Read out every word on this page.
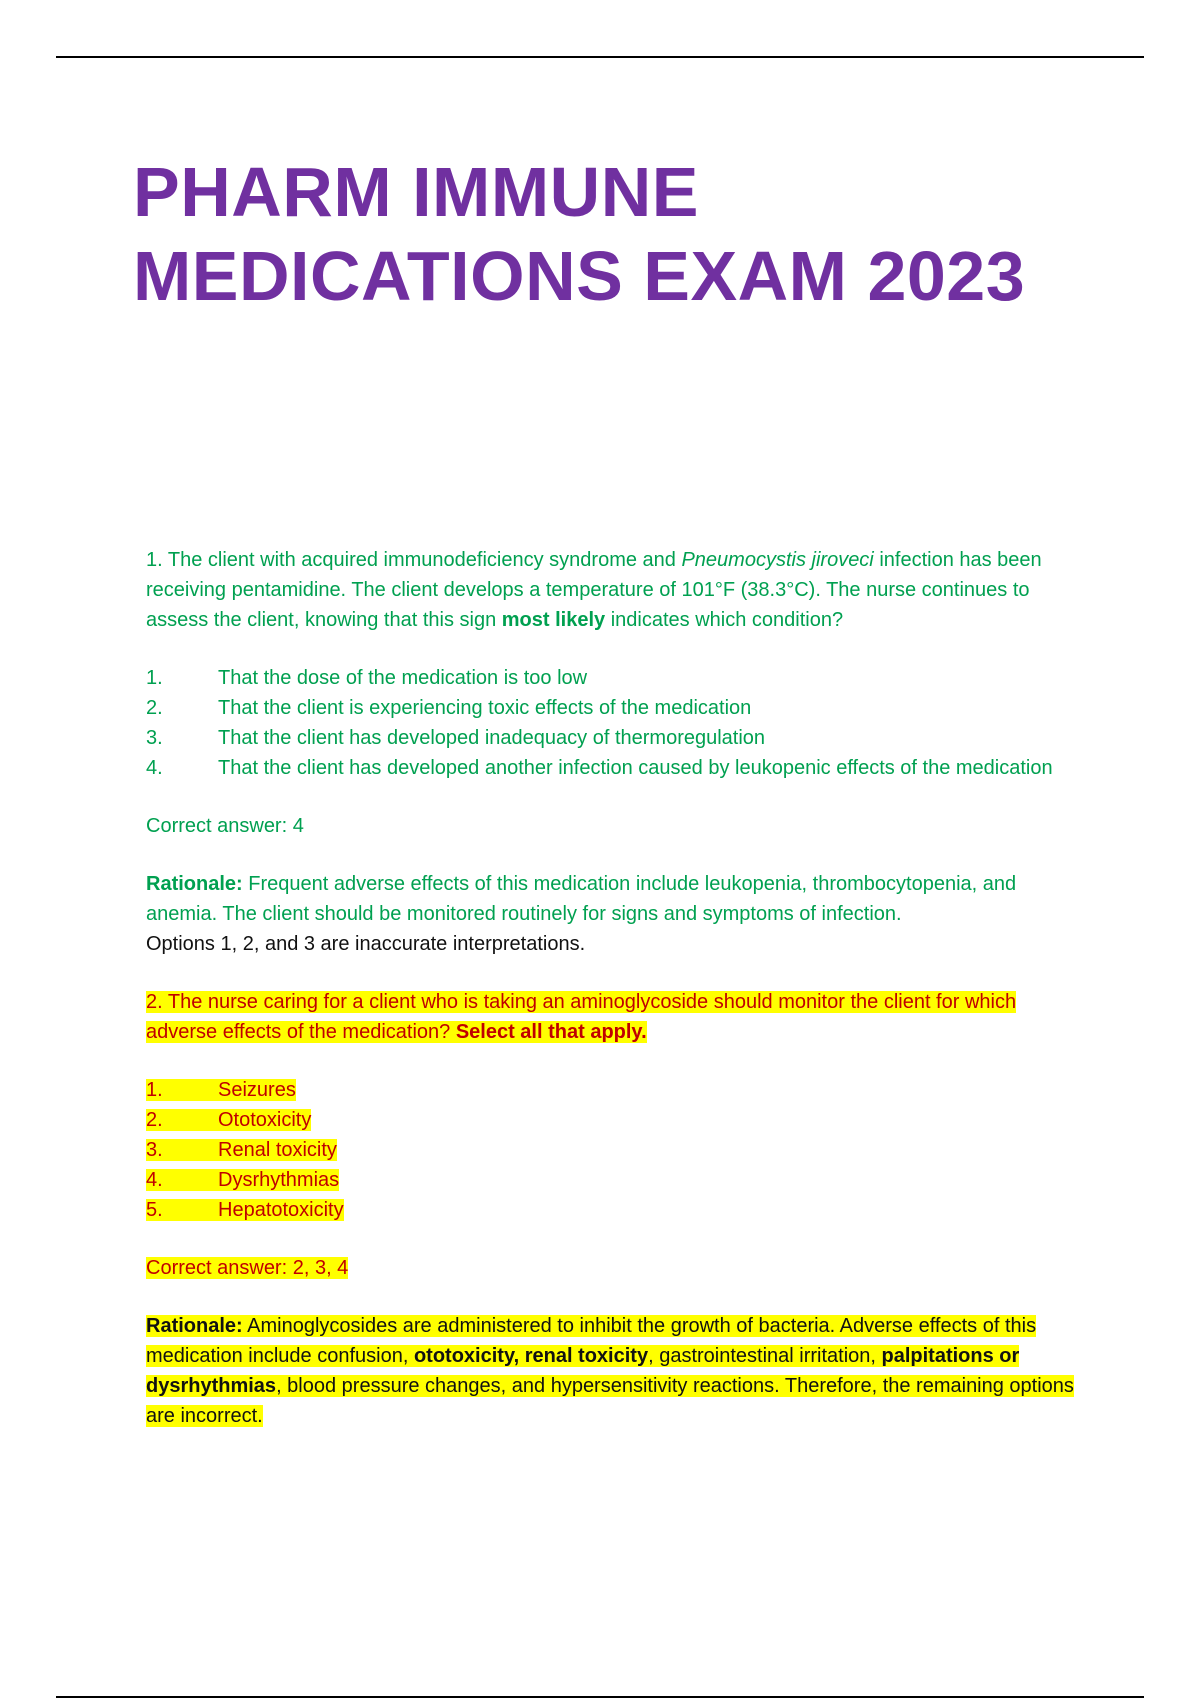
PHARM IMMUNE
MEDICATIONS EXAM 2023
1. The client with acquired immunodeficiency syndrome and Pneumocystis jiroveci infection has been receiving pentamidine. The client develops a temperature of 101°F (38.3°C). The nurse continues to assess the client, knowing that this sign most likely indicates which condition?
1.	That the dose of the medication is too low
2.	That the client is experiencing toxic effects of the medication
3.	That the client has developed inadequacy of thermoregulation
4.	That the client has developed another infection caused by leukopenic effects of the medication
Correct answer: 4
Rationale: Frequent adverse effects of this medication include leukopenia, thrombocytopenia, and anemia. The client should be monitored routinely for signs and symptoms of infection.
Options 1, 2, and 3 are inaccurate interpretations.
2. The nurse caring for a client who is taking an aminoglycoside should monitor the client for which adverse effects of the medication? Select all that apply.
1.	Seizures
2.	Ototoxicity
3.	Renal toxicity
4.	Dysrhythmias
5.	Hepatotoxicity
Correct answer: 2, 3, 4
Rationale: Aminoglycosides are administered to inhibit the growth of bacteria. Adverse effects of this medication include confusion, ototoxicity, renal toxicity, gastrointestinal irritation, palpitations or dysrhythmias, blood pressure changes, and hypersensitivity reactions. Therefore, the remaining options are incorrect.
